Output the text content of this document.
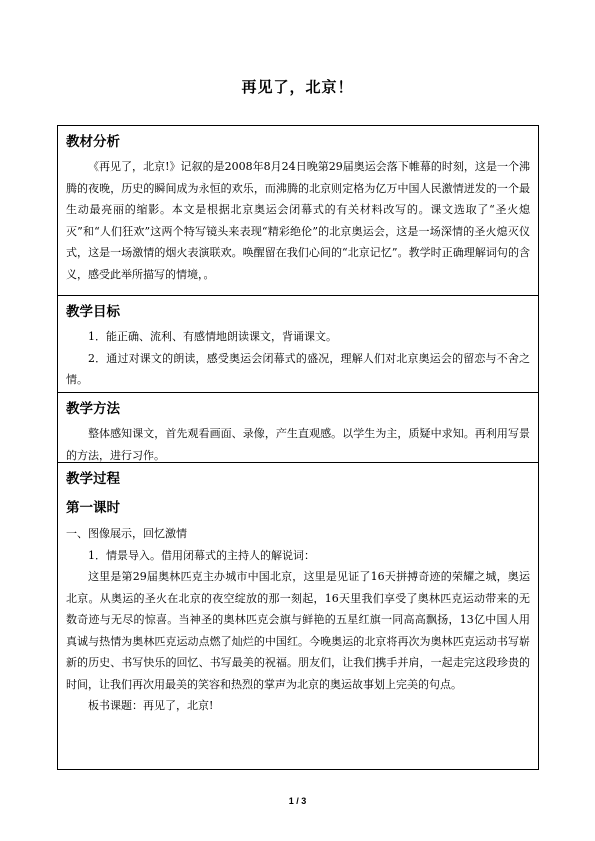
再见了，北京！
教材分析

《再见了，北京!》记叙的是2008年8月24日晚第29届奥运会落下帷幕的时刻，这是一个沸腾的夜晚，历史的瞬间成为永恒的欢乐，而沸腾的北京则定格为亿万中国人民激情迸发的一个最生动最亮丽的缩影。本文是根据北京奥运会闭幕式的有关材料改写的。课文选取了“圣火熄灭”和“人们狂欢”这两个特写镜头来表现“精彩绝伦”的北京奥运会，这是一场深情的圣火熄灭仪式，这是一场激情的烟火表演联欢。唤醒留在我们心间的“北京记忆”。教学时正确理解词句的含义，感受此举所描写的情境，。

教学目标

1．能正确、流利、有感情地朗读课文，背诵课文。

2．通过对课文的朗读，感受奥运会闭幕式的盛况，理解人们对北京奥运会的留恋与不舍之情。

教学方法

整体感知课文，首先观看画面、录像，产生直观感。以学生为主，质疑中求知。再利用写景的方法，进行习作。

教学过程
第一课时

一、图像展示，回忆激情

1．情景导入。借用闭幕式的主持人的解说词：

这里是第29届奥林匹克主办城市中国北京，这里是见证了16天拼搏奇迹的荣耀之城，奥运北京。从奥运的圣火在北京的夜空绽放的那一刻起，16天里我们享受了奥林匹克运动带来的无数奇迹与无尽的惊喜。当神圣的奥林匹克会旗与鲜艳的五星红旗一同高高飘扬，13亿中国人用真诚与热情为奥林匹克运动点燃了灿烂的中国红。今晚奥运的北京将再次为奥林匹克运动书写崭新的历史、书写快乐的回忆、书写最美的祝福。朋友们，让我们携手并肩，一起走完这段珍贵的时间，让我们再次用最美的笑容和热烈的掌声为北京的奥运故事划上完美的句点。

板书课题：再见了，北京!

1 / 3
